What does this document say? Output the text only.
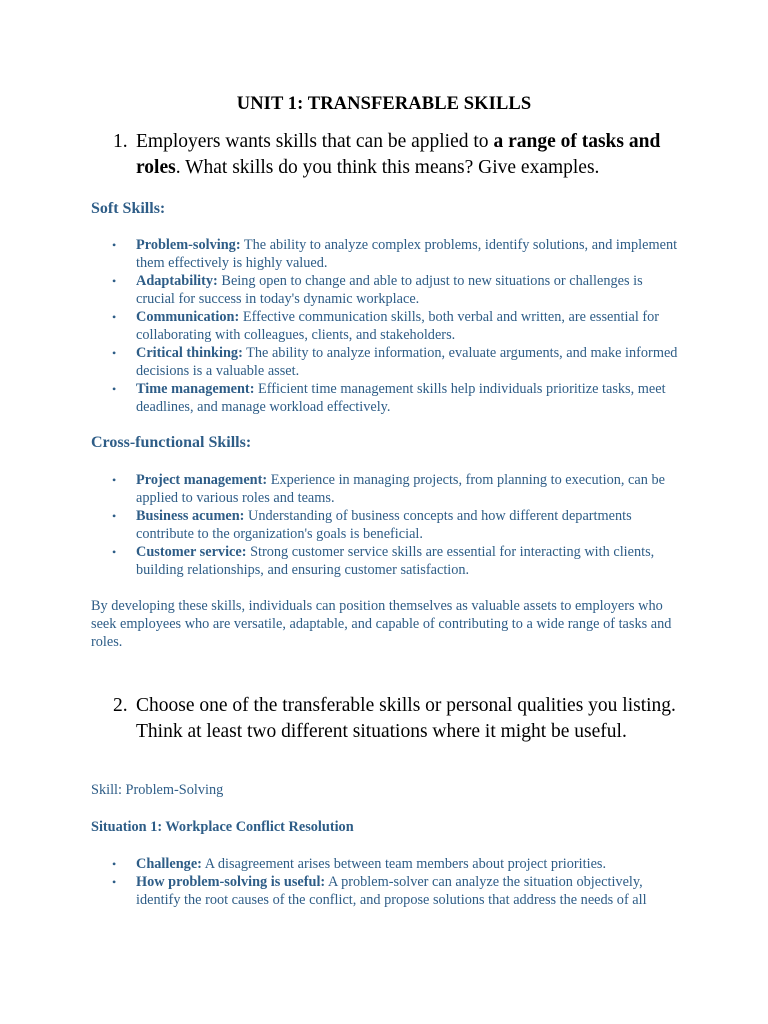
UNIT 1: TRANSFERABLE SKILLS
1. Employers wants skills that can be applied to a range of tasks and roles. What skills do you think this means? Give examples.
Soft Skills:
• Problem-solving: The ability to analyze complex problems, identify solutions, and implement them effectively is highly valued.
• Adaptability: Being open to change and able to adjust to new situations or challenges is crucial for success in today's dynamic workplace.
• Communication: Effective communication skills, both verbal and written, are essential for collaborating with colleagues, clients, and stakeholders.
• Critical thinking: The ability to analyze information, evaluate arguments, and make informed decisions is a valuable asset.
• Time management: Efficient time management skills help individuals prioritize tasks, meet deadlines, and manage workload effectively.
Cross-functional Skills:
• Project management: Experience in managing projects, from planning to execution, can be applied to various roles and teams.
• Business acumen: Understanding of business concepts and how different departments contribute to the organization's goals is beneficial.
• Customer service: Strong customer service skills are essential for interacting with clients, building relationships, and ensuring customer satisfaction.
By developing these skills, individuals can position themselves as valuable assets to employers who seek employees who are versatile, adaptable, and capable of contributing to a wide range of tasks and roles.
2. Choose one of the transferable skills or personal qualities you listing. Think at least two different situations where it might be useful.
Skill: Problem-Solving
Situation 1: Workplace Conflict Resolution
• Challenge: A disagreement arises between team members about project priorities.
• How problem-solving is useful: A problem-solver can analyze the situation objectively, identify the root causes of the conflict, and propose solutions that address the needs of all
